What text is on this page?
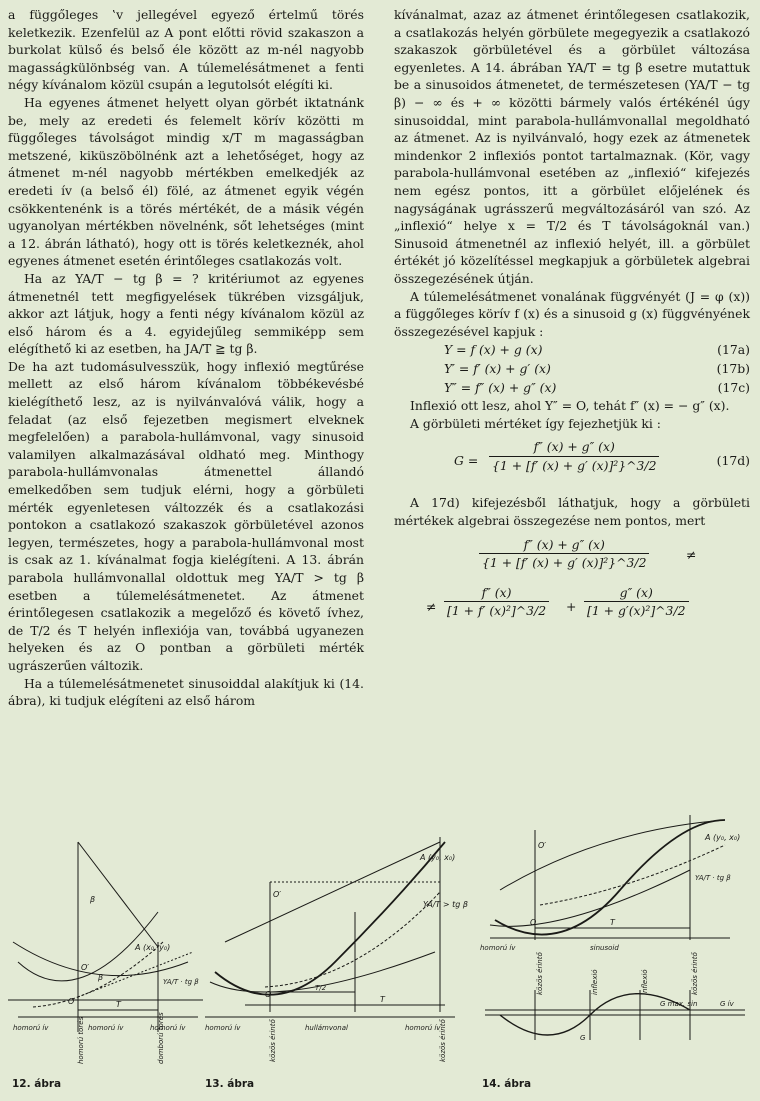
a függőleges ‛v jellegével egyező értelmű törés keletkezik. Ezenfelül az A pont előtti rövid szakaszon a burkolat külső és belső éle között az m-nél nagyobb magasságkülönbség van. A túlemelésátmenet a fenti négy kívánalom közül csupán a legutolsót elégíti ki.

Ha egyenes átmenet helyett olyan görbét iktatnánk be, mely az eredeti és felemelt körív közötti m függőleges távolságot mindig x/T m magasságban metszené, kiküszöbölnénk azt a lehetőséget, hogy az átmenet m-nél nagyobb mértékben emelkedjék az eredeti ív (a belső él) fölé, az átmenet egyik végén csökkentenénk is a törés mértékét, de a másik végén ugyanolyan mértékben növelnénk, sőt lehetséges (mint a 12. ábrán látható), hogy ott is törés keletkeznék, ahol egyenes átmenet esetén érintőleges csatlakozás volt.

Ha az YA/T − tg β = ? kritériumot az egyenes átmenetnél tett megfigyelések tükrében vizsgáljuk, akkor azt látjuk, hogy a fenti négy kívánalom közül az első három és a 4. egyidejűleg semmiképp sem elégíthető ki az esetben, ha JA/T ≧ tg β.

De ha azt tudomásulvesszük, hogy inflexió megtűrése mellett az első három kívánalom többékevésbé kielégíthető lesz, az is nyilvánvalóvá válik, hogy a feladat (az első fejezetben megismert elveknek megfelelően) a parabola-hullámvonal, vagy sinusoid valamilyen alkalmazásával oldható meg. Minthogy parabola-hullámvonalas átmenettel állandó emelkedőben sem tudjuk elérni, hogy a görbületi mérték egyenletesen változzék és a csatlakozási pontokon a csatlakozó szakaszok görbületével azonos legyen, természetes, hogy a parabola-hullámvonal most is csak az 1. kívánalmat fogja kielégíteni. A 13. ábrán parabola hullámvonallal oldottuk meg YA/T > tg β esetben a túlemelésátmenetet. Az átmenet érintőlegesen csatlakozik a megelőző és követő ívhez, de T/2 és T helyén inflexiója van, továbbá ugyanezen helyeken és az O pontban a görbületi mérték ugrászerűen változik.

Ha a túlemelésátmenetet sinusoiddal alakítjuk ki (14. ábra), ki tudjuk elégíteni az első három

kívánalmat, azaz az átmenet érintőlegesen csatlakozik, a csatlakozás helyén görbülete megegyezik a csatlakozó szakaszok görbületével és a görbület változása egyenletes. A 14. ábrában YA/T = tg β esetre mutattuk be a sinusoidos átmenetet, de természetesen (YA/T − tg β) − ∞ és + ∞ közötti bármely valós értékénél úgy sinusoiddal, mint parabola-hullámvonallal megoldható az átmenet. Az is nyilvánvaló, hogy ezek az átmenetek mindenkor 2 inflexiós pontot tartalmaznak. (Kör, vagy parabola-hullámvonal esetében az „inflexió“ kifejezés nem egész pontos, itt a görbület előjelének és nagyságának ugrásszerű megváltozásáról van szó. Az „inflexió“ helye x = T/2 és T távolságoknál van.) Sinusoid átmenetnél az inflexió helyét, ill. a görbület értékét jó közelítéssel megkapjuk a görbületek algebrai összegezésének útján.

A túlemelésátmenet vonalának függvényét (J = φ (x)) a függőleges körív f (x) és a sinusoid g (x) függvényének összegezésével kapjuk :

Y = f (x) + g (x)	(17a)
Y′ = f′ (x) + g′ (x)	(17b)
Y″ = f″ (x) + g″ (x)	(17c)

Inflexió ott lesz, ahol Y″ = O, tehát f″ (x) = − g″ (x).

A görbületi mértéket így fejezhetjük ki :

$G = \frac{f'' (x) + g'' (x)}{\text{\{1 + [f′ (x) + g′ (x)]²\}\textasciicircum{}3/2}}$	(17d)

A 17d) kifejezésből láthatjuk, hogy a görbületi mértékek algebrai összegezése nem pontos, mert

$\frac{f'' (x) + g'' (x)}{\text{\{1 + [f′ (x) + g′ (x)]²\}\textasciicircum{}3/2}}$	≠
≠ $\frac{f'' (x)}{\text{[1 + f′ (x)²]\textasciicircum{}3/2}} + \frac{g'' (x)}{\text{[1 + g′(x)²]\textasciicircum{}3/2}}$
β
β
O′
A (x₀, y₀)
YA/T · tg β
O	T
homorú ív	homorú ív	homorú ív
homorú törés	domború törés
12. ábra
A (y₀, x₀)
YA/T > tg β
O′
O
T/2
T
homorú ív	hullámvonal	homorú ív
közös érintő	közös érintő
13. ábra
A (y₀, x₀)
O′
YA/T · tg β
O	T
homorú ív	sinusoid
közös érintő	inflexió	inflexió	közös érintő
G max. sin	G ív
G
14. ábra
